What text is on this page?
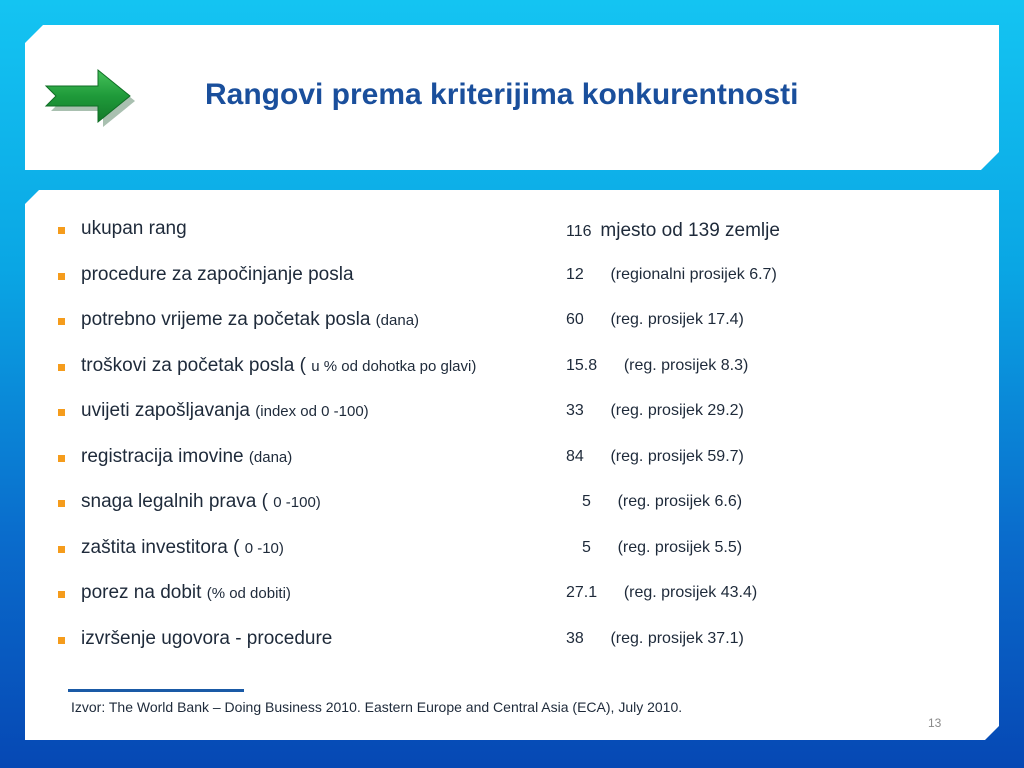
Rangovi prema kriterijima konkurentnosti
ukupan rang	116 mjesto od 139 zemlje
procedure za započinjanje posla	12 (regionalni prosijek 6.7)
potrebno vrijeme za početak posla (dana)	60 (reg. prosijek 17.4)
troškovi za početak posla ( u % od dohotka po glavi)	15.8 (reg. prosijek 8.3)
uvijeti zapošljavanja (index od 0 -100)	33 (reg. prosijek 29.2)
registracija imovine (dana)	84 (reg. prosijek 59.7)
snaga legalnih prava ( 0 -100)	5 (reg. prosijek 6.6)
zaštita investitora ( 0 -10)	5 (reg. prosijek 5.5)
porez na dobit (% od dobiti)	27.1 (reg. prosijek 43.4)
izvršenje ugovora - procedure	38 (reg. prosijek 37.1)
Izvor: The World Bank – Doing Business 2010. Eastern Europe and Central Asia (ECA), July 2010.
13
